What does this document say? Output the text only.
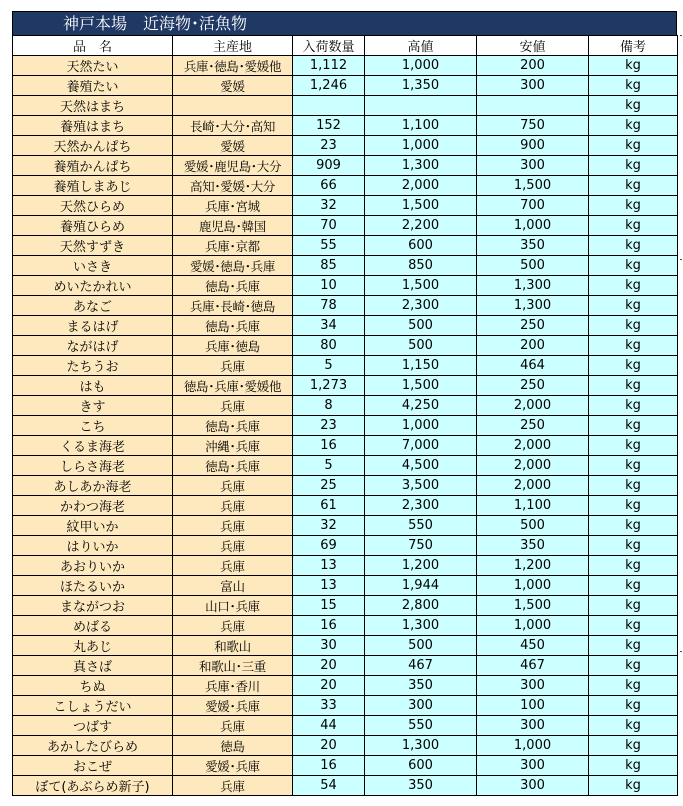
神戸本場　近海物･活魚物
品　名	主産地	入荷数量	高値	安値	備考
天然たい	兵庫･徳島･愛媛他	1,112	1,000	200	kg
養殖たい	愛媛	1,246	1,350	300	kg
天然はまち					kg
養殖はまち	長崎･大分･高知	152	1,100	750	kg
天然かんぱち	愛媛	23	1,000	900	kg
養殖かんぱち	愛媛･鹿児島･大分	909	1,300	300	kg
養殖しまあじ	高知･愛媛･大分	66	2,000	1,500	kg
天然ひらめ	兵庫･宮城	32	1,500	700	kg
養殖ひらめ	鹿児島･韓国	70	2,200	1,000	kg
天然すずき	兵庫･京都	55	600	350	kg
いさき	愛媛･徳島･兵庫	85	850	500	kg
めいたかれい	徳島･兵庫	10	1,500	1,300	kg
あなご	兵庫･長崎･徳島	78	2,300	1,300	kg
まるはげ	徳島･兵庫	34	500	250	kg
ながはげ	兵庫･徳島	80	500	200	kg
たちうお	兵庫	5	1,150	464	kg
はも	徳島･兵庫･愛媛他	1,273	1,500	250	kg
きす	兵庫	8	4,250	2,000	kg
こち	徳島･兵庫	23	1,000	250	kg
くるま海老	沖縄･兵庫	16	7,000	2,000	kg
しらさ海老	徳島･兵庫	5	4,500	2,000	kg
あしあか海老	兵庫	25	3,500	2,000	kg
かわつ海老	兵庫	61	2,300	1,100	kg
紋甲いか	兵庫	32	550	500	kg
はりいか	兵庫	69	750	350	kg
あおりいか	兵庫	13	1,200	1,200	kg
ほたるいか	富山	13	1,944	1,000	kg
まながつお	山口･兵庫	15	2,800	1,500	kg
めばる	兵庫	16	1,300	1,000	kg
丸あじ	和歌山	30	500	450	kg
真さば	和歌山･三重	20	467	467	kg
ちぬ	兵庫･香川	20	350	300	kg
こしょうだい	愛媛･兵庫	33	300	100	kg
つばす	兵庫	44	550	300	kg
あかしたびらめ	徳島	20	1,300	1,000	kg
おこぜ	愛媛･兵庫	16	600	300	kg
ぼて(あぶらめ新子)	兵庫	54	350	300	kg
